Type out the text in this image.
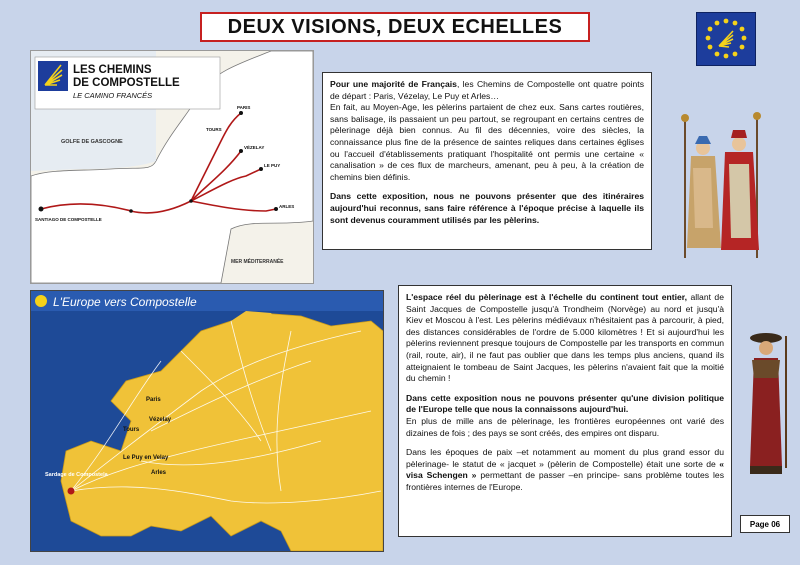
DEUX VISIONS, DEUX ECHELLES
LES CHEMINS
DE COMPOSTELLE
LE CAMINO FRANCÉS
GOLFE DE GASCOGNE
MER MÉDITERRANÉE
SANTIAGO DE COMPOSTELLE
PARIS
VÉZELAY
LE PUY
ARLES
TOURS
L'Europe vers Compostelle
Sardage de Compostela
Paris
Vézelay
Tours
Le Puy en Velay
Arles

Pour une majorité de Français, les Chemins de Compostelle ont quatre points de départ : Paris, Vézelay, Le Puy et Arles…

En fait, au Moyen-Age, les pèlerins partaient de chez eux. Sans cartes routières, sans balisage, ils passaient un peu partout, se regroupant en certains centres de pèlerinage déjà bien connus. Au fil des décennies, voire des siècles, la connaissance plus fine de la présence de saintes reliques dans certaines églises ou l'accueil d'établissements pratiquant l'hospitalité ont permis une certaine « canalisation » de ces flux de marcheurs, amenant, peu à peu, à la création de chemins bien définis.

Dans cette exposition, nous ne pouvons présenter que des itinéraires aujourd'hui reconnus, sans faire référence à l'époque précise à laquelle ils sont devenus couramment utilisés par les pèlerins.

L'espace réel du pèlerinage est à l'échelle du continent tout entier, allant de Saint Jacques de Compostelle jusqu'à Trondheim (Norvège) au nord et jusqu'à Kiev et Moscou à l'est. Les pèlerins médiévaux n'hésitaient pas à parcourir, à pied, des distances considérables de l'ordre de 5.000 kilomètres ! Et si aujourd'hui les pèlerins reviennent presque toujours de Compostelle par les transports en commun (rail, route, air), il ne faut pas oublier que dans les temps plus anciens, quand ils atteignaient le tombeau de Saint Jacques, les pèlerins n'avaient fait que la moitié du chemin !

Dans cette exposition nous ne pouvons présenter qu'une division politique de l'Europe telle que nous la connaissons aujourd'hui.
En plus de mille ans de pèlerinage, les frontières européennes ont varié des dizaines de fois ; des pays se sont créés, des empires ont disparu.

Dans les époques de paix –et notamment au moment du plus grand essor du pèlerinage- le statut de « jacquet » (pèlerin de Compostelle) était une sorte de « visa Schengen » permettant de passer –en principe- sans problème toutes les frontières internes de l'Europe.

Page 06
